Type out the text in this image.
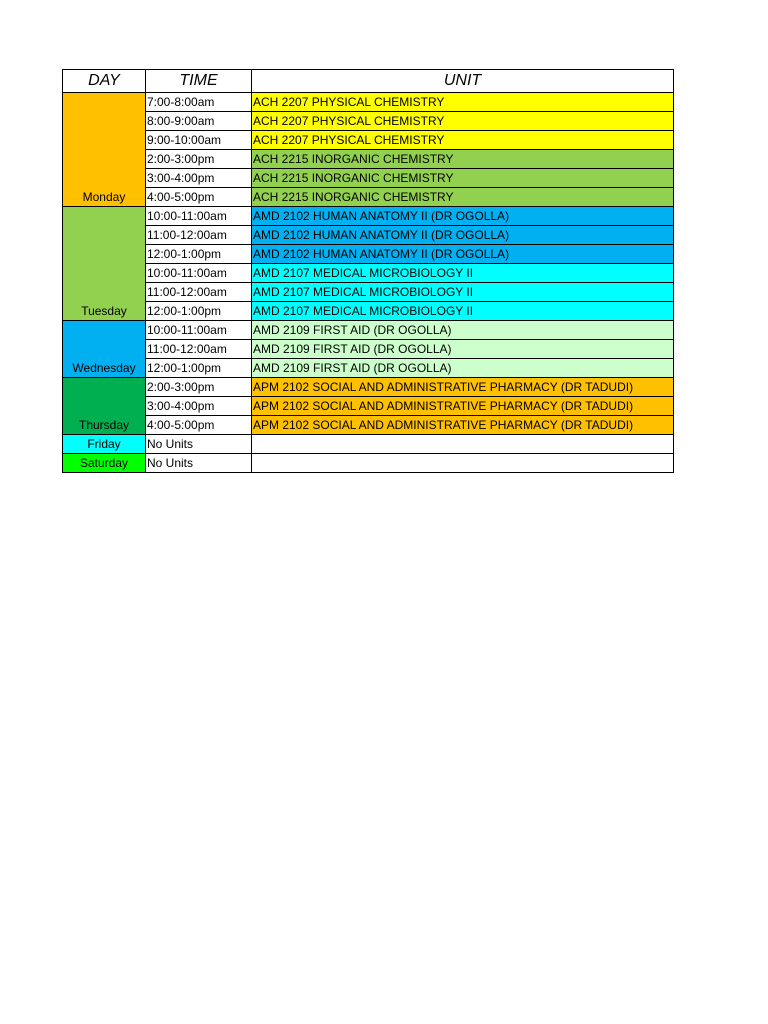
DAY	TIME	UNIT
Monday	7:00-8:00am	ACH 2207 PHYSICAL CHEMISTRY
	8:00-9:00am	ACH 2207 PHYSICAL CHEMISTRY
	9:00-10:00am	ACH 2207 PHYSICAL CHEMISTRY
	2:00-3:00pm	ACH 2215 INORGANIC CHEMISTRY
	3:00-4:00pm	ACH 2215 INORGANIC CHEMISTRY
	4:00-5:00pm	ACH 2215 INORGANIC CHEMISTRY
Tuesday	10:00-11:00am	AMD 2102 HUMAN ANATOMY II (DR OGOLLA)
	11:00-12:00am	AMD 2102 HUMAN ANATOMY II (DR OGOLLA)
	12:00-1:00pm	AMD 2102 HUMAN ANATOMY II (DR OGOLLA)
	10:00-11:00am	AMD 2107 MEDICAL MICROBIOLOGY II
	11:00-12:00am	AMD 2107 MEDICAL MICROBIOLOGY II
	12:00-1:00pm	AMD 2107 MEDICAL MICROBIOLOGY II
Wednesday	10:00-11:00am	AMD 2109 FIRST AID (DR OGOLLA)
	11:00-12:00am	AMD 2109 FIRST AID (DR OGOLLA)
	12:00-1:00pm	AMD 2109 FIRST AID (DR OGOLLA)
Thursday	2:00-3:00pm	APM 2102 SOCIAL AND ADMINISTRATIVE PHARMACY (DR TADUDI)
	3:00-4:00pm	APM 2102 SOCIAL AND ADMINISTRATIVE PHARMACY (DR TADUDI)
	4:00-5:00pm	APM 2102 SOCIAL AND ADMINISTRATIVE PHARMACY (DR TADUDI)
Friday	No Units	
Saturday	No Units	
